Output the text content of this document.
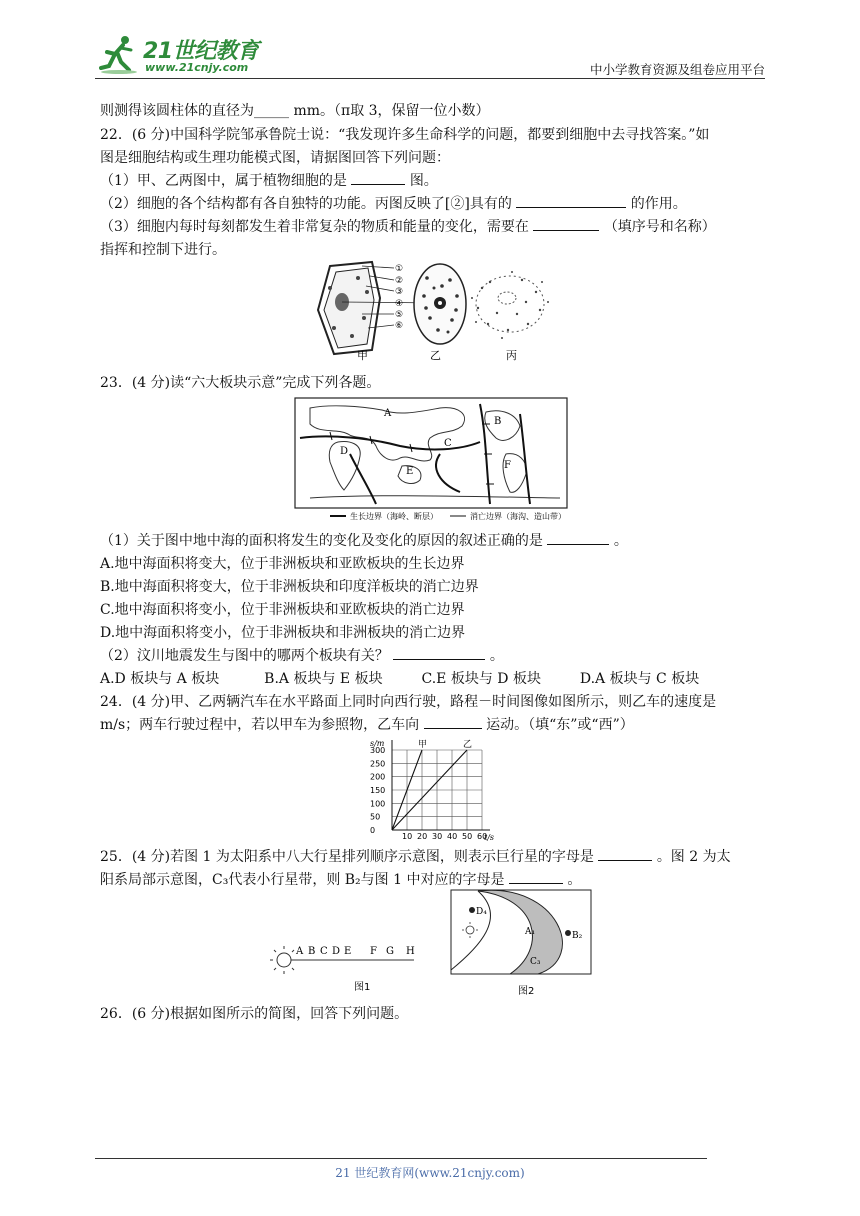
21世纪教育
www.21cnjy.com	中小学教育资源及组卷应用平台
则测得该圆柱体的直径为_____ mm。（π取 3，保留一位小数）
22．(6 分)中国科学院邹承鲁院士说：“我发现许多生命科学的问题，都要到细胞中去寻找答案。”如
图是细胞结构或生理功能模式图，请据图回答下列问题：
（1）甲、乙两图中，属于植物细胞的是	图。
（2）细胞的各个结构都有各自独特的功能。丙图反映了[②]具有的	的作用。
（3）细胞内每时每刻都发生着非常复杂的物质和能量的变化，需要在	（填序号和名称）
指挥和控制下进行。
①
②
③
④
⑤
⑥
甲	乙	丙
23．(4 分)读“六大板块示意”完成下列各题。
A
B
C
D
E
F
生长边界（海岭、断层）	消亡边界（海沟、造山带）
（1）关于图中地中海的面积将发生的变化及变化的原因的叙述正确的是	。
A.地中海面积将变大，位于非洲板块和亚欧板块的生长边界
B.地中海面积将变大，位于非洲板块和印度洋板块的消亡边界
C.地中海面积将变小，位于非洲板块和亚欧板块的消亡边界
D.地中海面积将变小，位于非洲板块和非洲板块的消亡边界
（2）汶川地震发生与图中的哪两个板块有关？	。
A.D 板块与 A 板块	B.A 板块与 E 板块	C.E 板块与 D 板块	D.A 板块与 C 板块
24．(4 分)甲、乙两辆汽车在水平路面上同时向西行驶，路程－时间图像如图所示，则乙车的速度是
m/s；两车行驶过程中，若以甲车为参照物，乙车向	运动。（填“东”或“西”）
10 20 30 40 50 60
0
50
100
150
200
250
300
t/s
s/m	甲	乙
25．(4 分)若图 1 为太阳系中八大行星排列顺序示意图，则表示巨行星的字母是	。图 2 为太
阳系局部示意图，C₃代表小行星带，则 B₂与图 1 中对应的字母是	。
A B C D E F G H
图1
D₄
A₁	B₂
C₃
图2
26．(6 分)根据如图所示的简图，回答下列问题。
21 世纪教育网(www.21cnjy.com)
